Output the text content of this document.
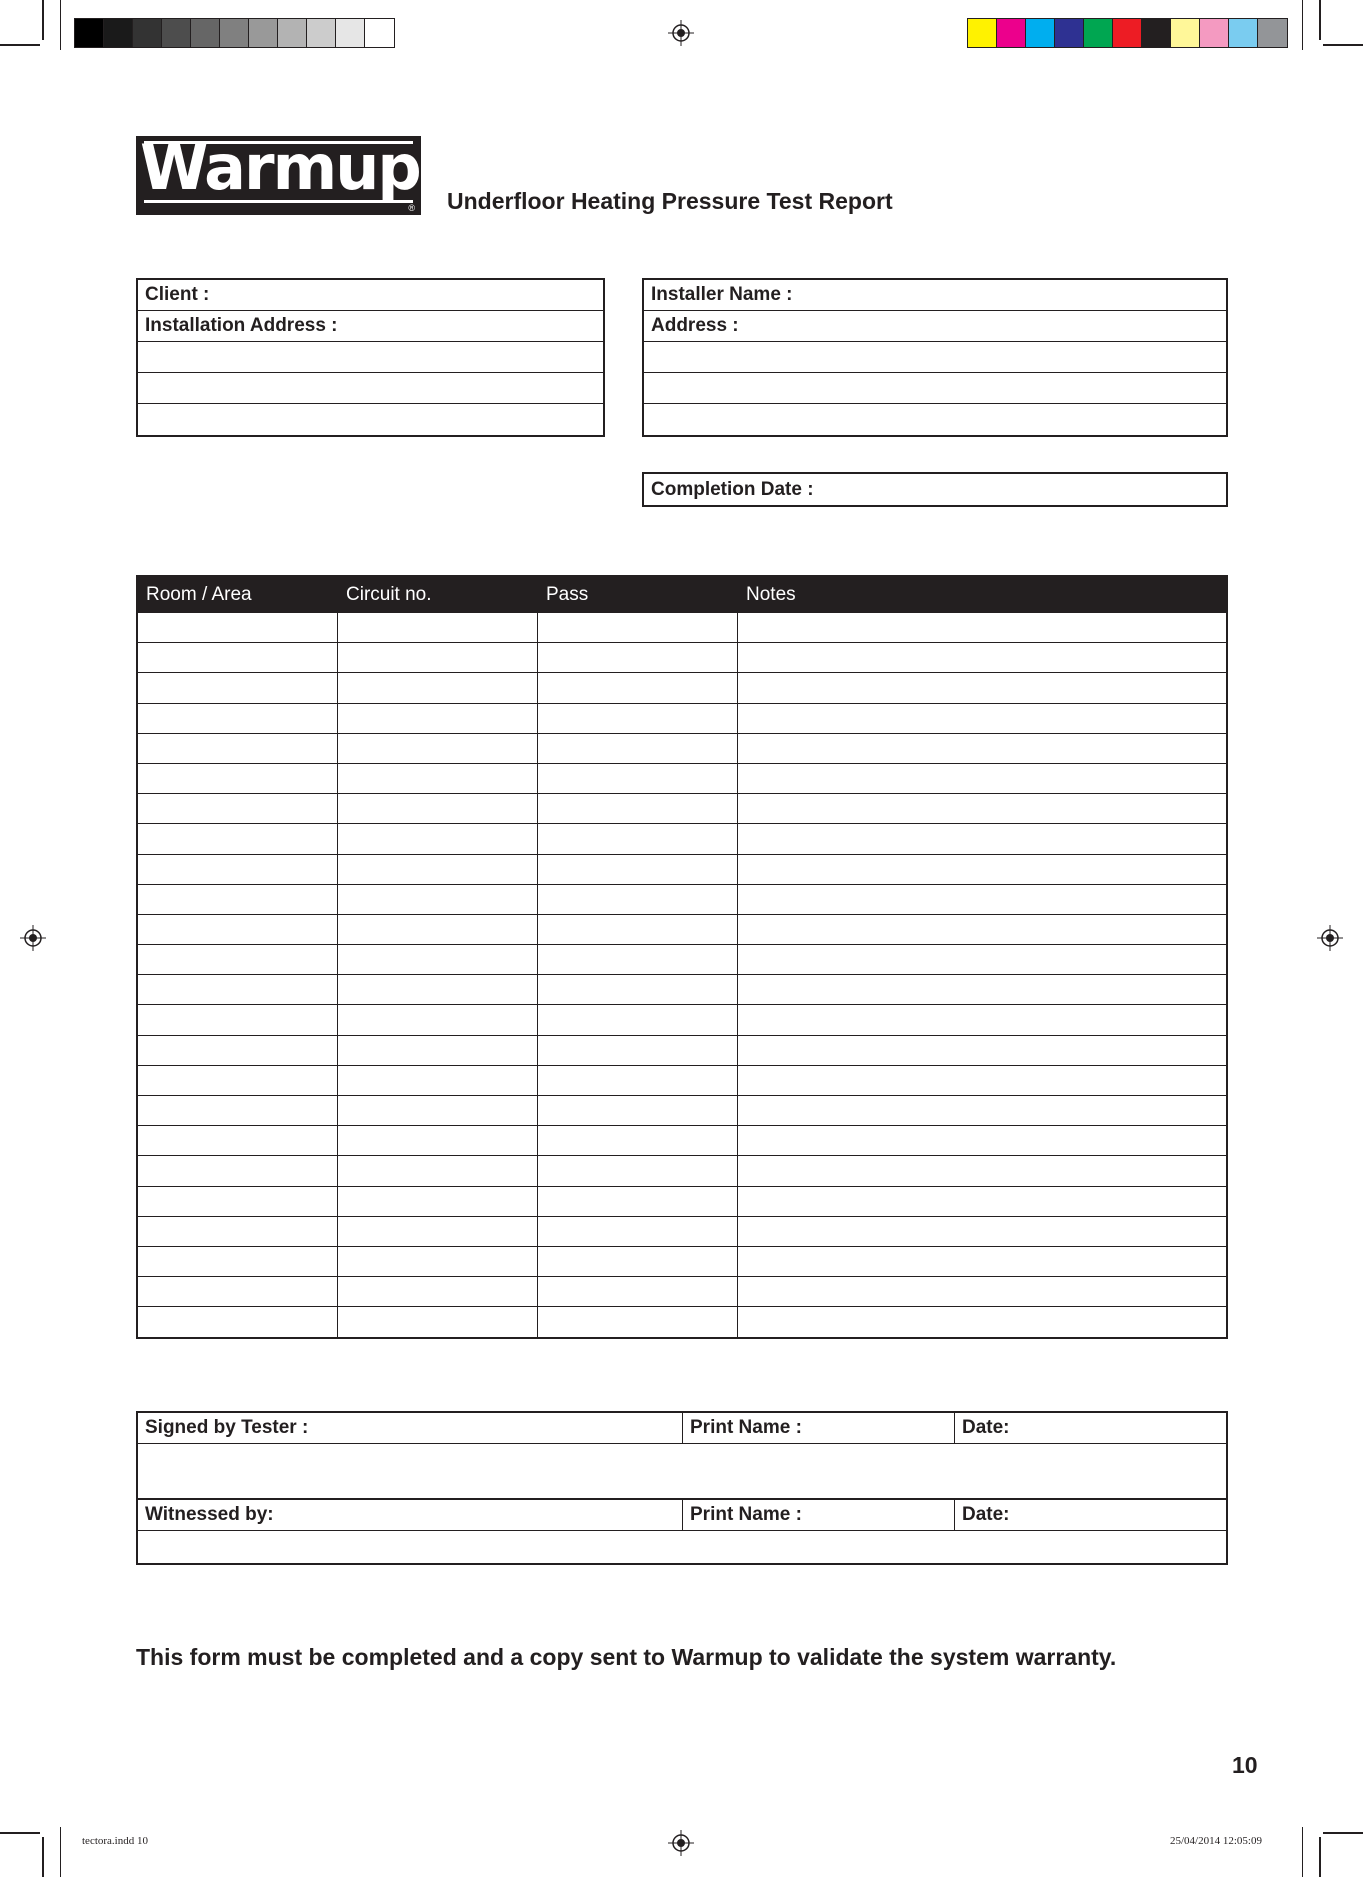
Warmup
® Underfloor Heating Pressure Test Report
Client :
Installation Address :
Installer Name :
Address :
Completion Date :
Room / Area	Circuit no.	Pass	Notes
Signed by Tester :	Print Name :	Date:
Witnessed by:	Print Name :	Date:
This form must be completed and a copy sent to Warmup to validate the system warranty.
10
tectora.indd 10	25/04/2014 12:05:09
